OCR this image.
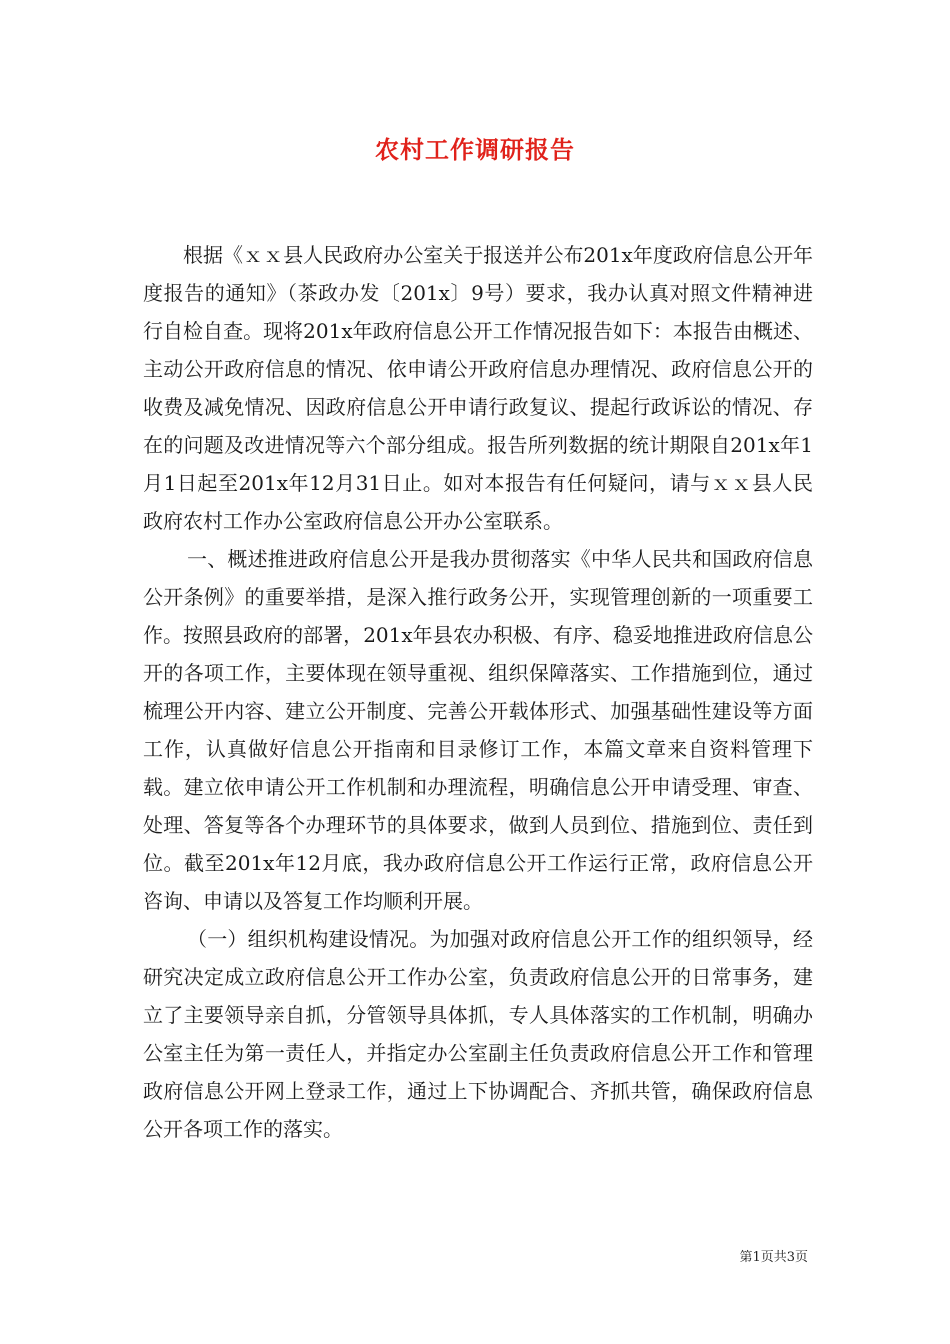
农村工作调研报告

根据《ｘｘ县人民政府办公室关于报送并公布201x年度政府信息公开年度报告的通知》（茶政办发〔201x〕9号）要求，我办认真对照文件精神进行自检自查。现将201x年政府信息公开工作情况报告如下：本报告由概述、主动公开政府信息的情况、依申请公开政府信息办理情况、政府信息公开的收费及减免情况、因政府信息公开申请行政复议、提起行政诉讼的情况、存在的问题及改进情况等六个部分组成。报告所列数据的统计期限自201x年1月1日起至201x年12月31日止。如对本报告有任何疑问，请与ｘｘ县人民政府农村工作办公室政府信息公开办公室联系。

一、概述推进政府信息公开是我办贯彻落实《中华人民共和国政府信息公开条例》的重要举措，是深入推行政务公开，实现管理创新的一项重要工作。按照县政府的部署，201x年县农办积极、有序、稳妥地推进政府信息公开的各项工作，主要体现在领导重视、组织保障落实、工作措施到位，通过梳理公开内容、建立公开制度、完善公开载体形式、加强基础性建设等方面工作，认真做好信息公开指南和目录修订工作，本篇文章来自资料管理下载。建立依申请公开工作机制和办理流程，明确信息公开申请受理、审查、处理、答复等各个办理环节的具体要求，做到人员到位、措施到位、责任到位。截至201x年12月底，我办政府信息公开工作运行正常，政府信息公开咨询、申请以及答复工作均顺利开展。

（一）组织机构建设情况。为加强对政府信息公开工作的组织领导，经研究决定成立政府信息公开工作办公室，负责政府信息公开的日常事务，建立了主要领导亲自抓，分管领导具体抓，专人具体落实的工作机制，明确办公室主任为第一责任人，并指定办公室副主任负责政府信息公开工作和管理政府信息公开网上登录工作，通过上下协调配合、齐抓共管，确保政府信息公开各项工作的落实。

第1页共3页
